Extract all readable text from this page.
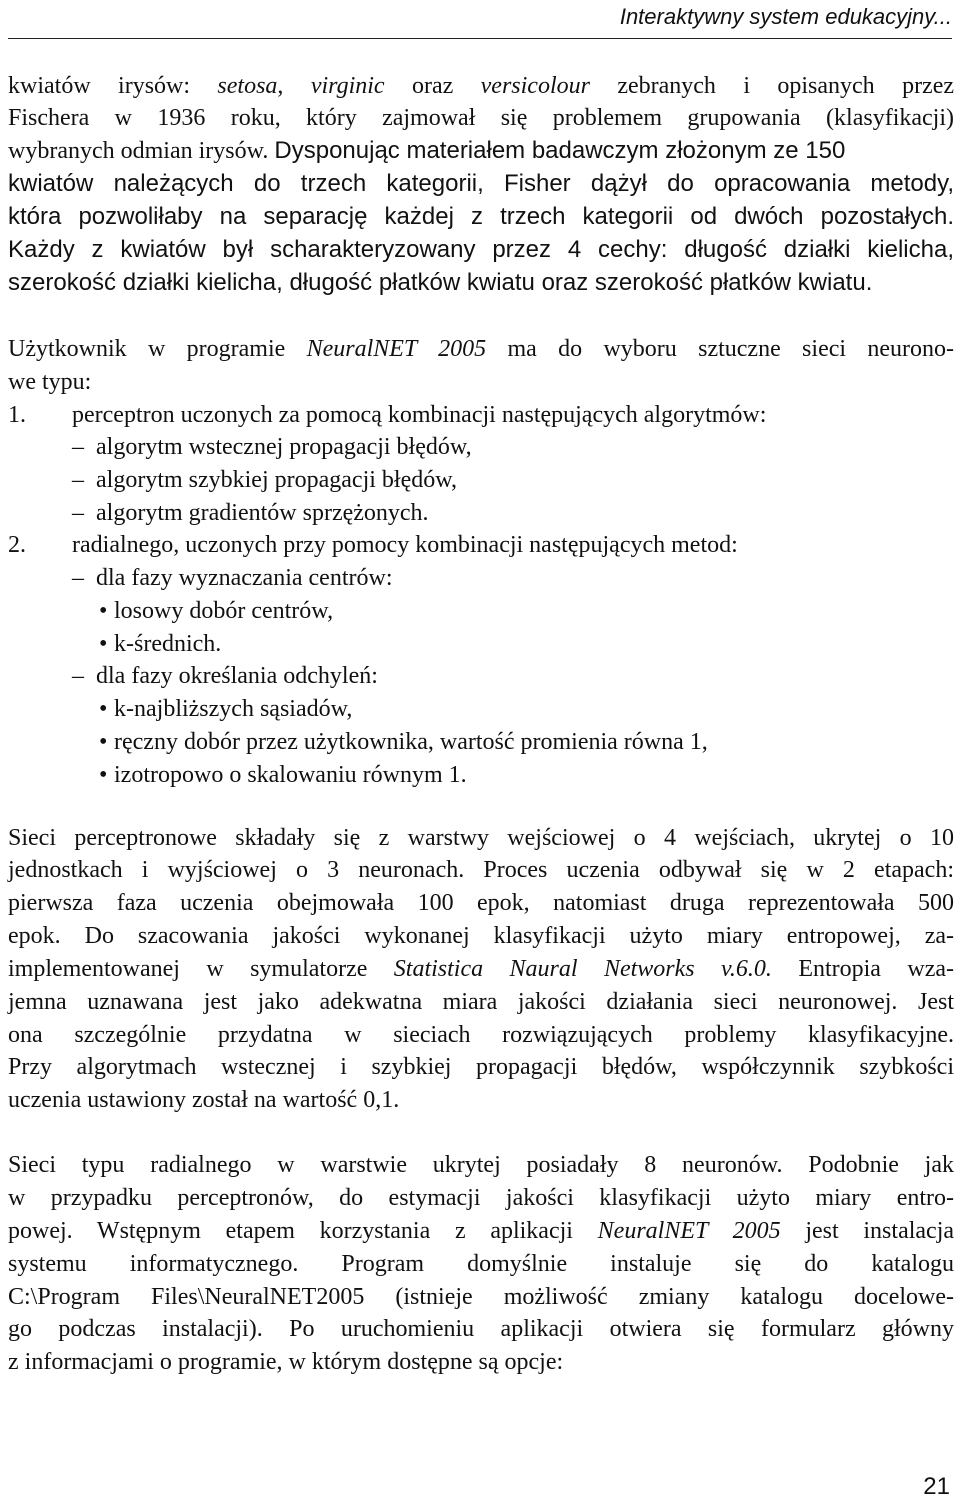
Interaktywny system edukacyjny...
kwiatów irysów: setosa, virginic oraz versicolour zebranych i opisanych przez
Fischera w 1936 roku, który zajmował się problemem grupowania (klasyfikacji)
wybranych odmian irysów. Dysponując materiałem badawczym złożonym ze 150
kwiatów należących do trzech kategorii, Fisher dążył do opracowania metody,
która pozwoliłaby na separację każdej z trzech kategorii od dwóch pozostałych.
Każdy z kwiatów był scharakteryzowany przez 4 cechy: długość działki kielicha,
szerokość działki kielicha, długość płatków kwiatu oraz szerokość płatków kwiatu.
Użytkownik w programie NeuralNET 2005 ma do wyboru sztuczne sieci neurono-
we typu:
1. perceptron uczonych za pomocą kombinacji następujących algorytmów:
– algorytm wstecznej propagacji błędów,
– algorytm szybkiej propagacji błędów,
– algorytm gradientów sprzężonych.
2. radialnego, uczonych przy pomocy kombinacji następujących metod:
– dla fazy wyznaczania centrów:
• losowy dobór centrów,
• k-średnich.
– dla fazy określania odchyleń:
• k-najbliższych sąsiadów,
• ręczny dobór przez użytkownika, wartość promienia równa 1,
• izotropowo o skalowaniu równym 1.
Sieci perceptronowe składały się z warstwy wejściowej o 4 wejściach, ukrytej o 10
jednostkach i wyjściowej o 3 neuronach. Proces uczenia odbywał się w 2 etapach:
pierwsza faza uczenia obejmowała 100 epok, natomiast druga reprezentowała 500
epok. Do szacowania jakości wykonanej klasyfikacji użyto miary entropowej, za-
implementowanej w symulatorze Statistica Naural Networks v.6.0. Entropia wza-
jemna uznawana jest jako adekwatna miara jakości działania sieci neuronowej. Jest
ona szczególnie przydatna w sieciach rozwiązujących problemy klasyfikacyjne.
Przy algorytmach wstecznej i szybkiej propagacji błędów, współczynnik szybkości
uczenia ustawiony został na wartość 0,1.
Sieci typu radialnego w warstwie ukrytej posiadały 8 neuronów. Podobnie jak
w przypadku perceptronów, do estymacji jakości klasyfikacji użyto miary entro-
powej. Wstępnym etapem korzystania z aplikacji NeuralNET 2005 jest instalacja
systemu informatycznego. Program domyślnie instaluje się do katalogu
C:\Program Files\NeuralNET2005 (istnieje możliwość zmiany katalogu docelowe-
go podczas instalacji). Po uruchomieniu aplikacji otwiera się formularz główny
z informacjami o programie, w którym dostępne są opcje:
21
